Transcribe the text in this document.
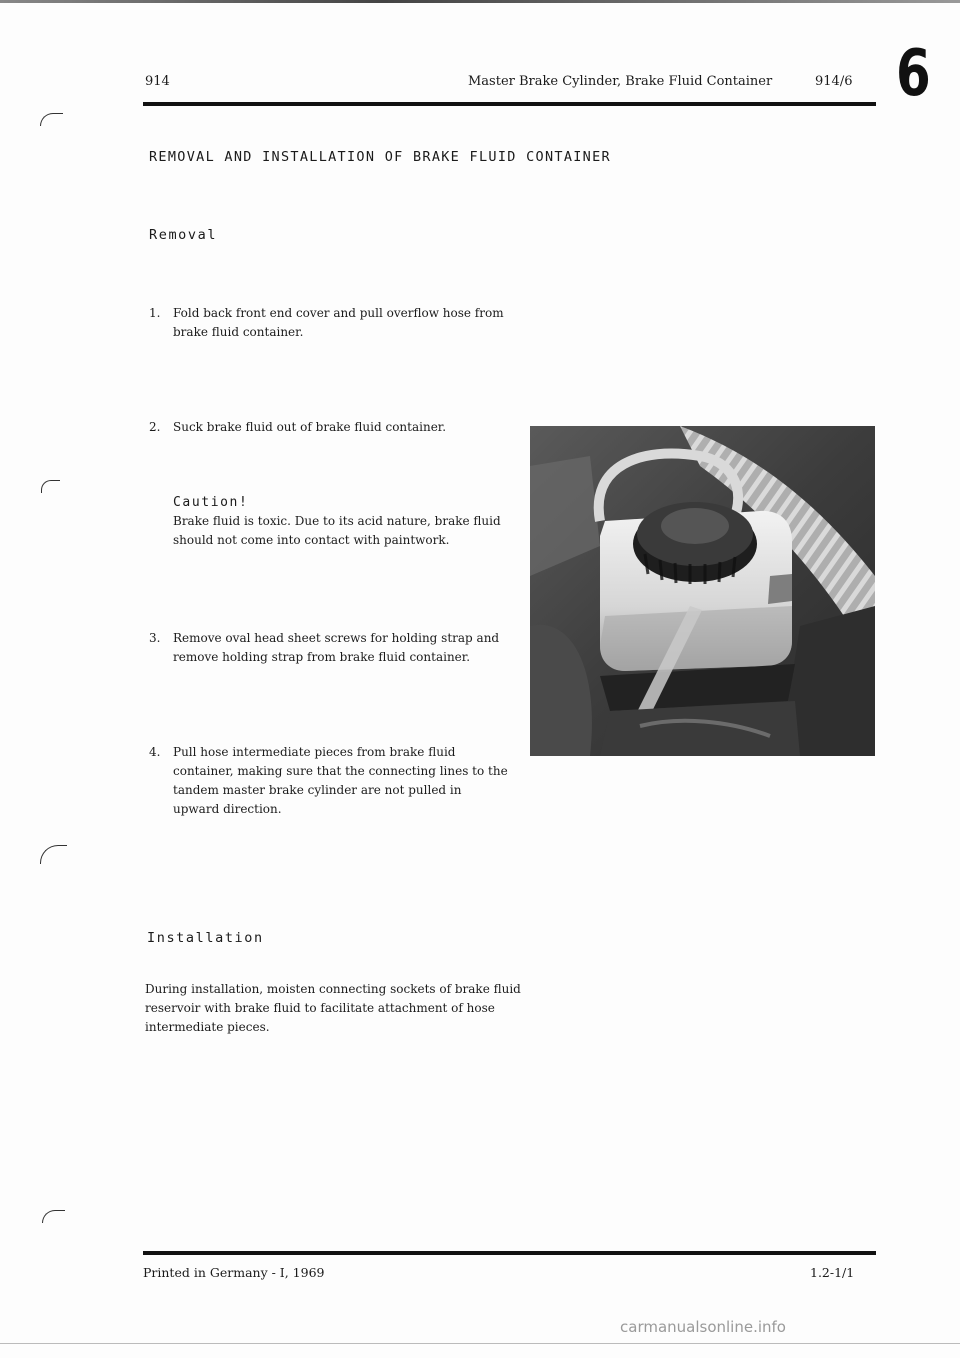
914	Master Brake Cylinder, Brake Fluid Container	914/6 6
REMOVAL AND INSTALLATION OF BRAKE FLUID CONTAINER
Removal
1.	Fold back front end cover and pull overflow hose from brake fluid container.
2.	Suck brake fluid out of brake fluid container.
Caution!
Brake fluid is toxic. Due to its acid nature, brake fluid should not come into contact with paintwork.
3.	Remove oval head sheet screws for holding strap and remove holding strap from brake fluid container.
4.	Pull hose intermediate pieces from brake fluid container, making sure that the connecting lines to the tandem master brake cylinder are not pulled in upward direction.
Installation
During installation, moisten connecting sockets of brake fluid reservoir with brake fluid to facilitate attachment of hose intermediate pieces.
Printed in Germany - I, 1969	1.2-1/1
carmanualsonline.info
